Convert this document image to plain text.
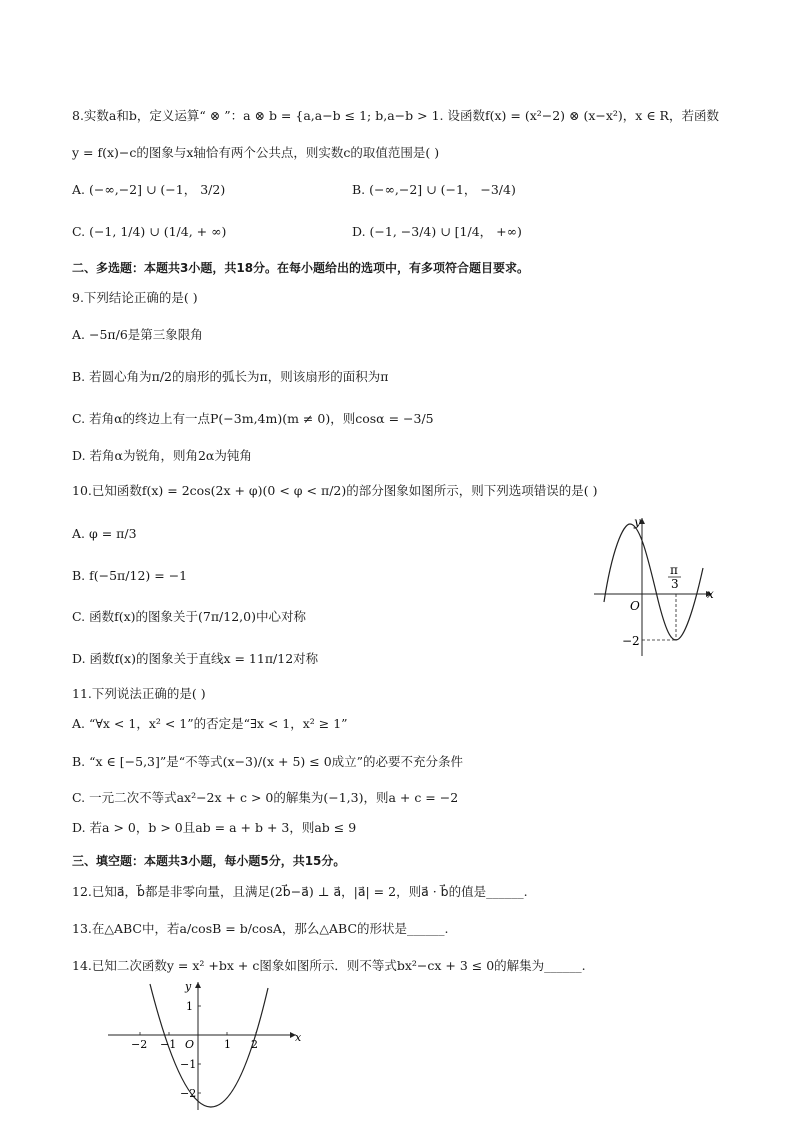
8.实数a和b，定义运算“ ⊗ ”：a ⊗ b = {a,a−b ≤ 1; b,a−b > 1. 设函数f(x) = (x²−2) ⊗ (x−x²)，x ∈ R，若函数
y = f(x)−c的图象与x轴恰有两个公共点，则实数c的取值范围是( )
A. (−∞,−2] ∪ (−1， 3/2)	B. (−∞,−2] ∪ (−1， −3/4)
C. (−1, 1/4) ∪ (1/4, + ∞)	D. (−1, −3/4) ∪ [1/4， +∞)
二、多选题：本题共3小题，共18分。在每小题给出的选项中，有多项符合题目要求。
9.下列结论正确的是( )
A. −5π/6是第三象限角
B. 若圆心角为π/2的扇形的弧长为π，则该扇形的面积为π
C. 若角α的终边上有一点P(−3m,4m)(m ≠ 0)，则cosα = −3/5
D. 若角α为锐角，则角2α为钝角
10.已知函数f(x) = 2cos(2x + φ)(0 < φ < π/2)的部分图象如图所示，则下列选项错误的是( )
A. φ = π/3
B. f(−5π/12) = −1
C. 函数f(x)的图象关于(7π/12,0)中心对称
D. 函数f(x)的图象关于直线x = 11π/12对称
y
x
O
π
3
−2
11.下列说法正确的是( )
A. “∀x < 1，x² < 1”的否定是“∃x < 1，x² ≥ 1”
B. “x ∈ [−5,3]”是“不等式(x−3)/(x + 5) ≤ 0成立”的必要不充分条件
C. 一元二次不等式ax²−2x + c > 0的解集为(−1,3)，则a + c = −2
D. 若a > 0，b > 0且ab = a + b + 3，则ab ≤ 9
三、填空题：本题共3小题，每小题5分，共15分。
12.已知a⃗，b⃗都是非零向量，且满足(2b⃗−a⃗) ⊥ a⃗，|a⃗| = 2，则a⃗ · b⃗的值是______.
13.在△ABC中，若a/cosB = b/cosA，那么△ABC的形状是______.
14.已知二次函数y = x² +bx + c图象如图所示．则不等式bx²−cx + 3 ≤ 0的解集为______.
y
x
O
−2 −1	1 2
1
−1
−2
